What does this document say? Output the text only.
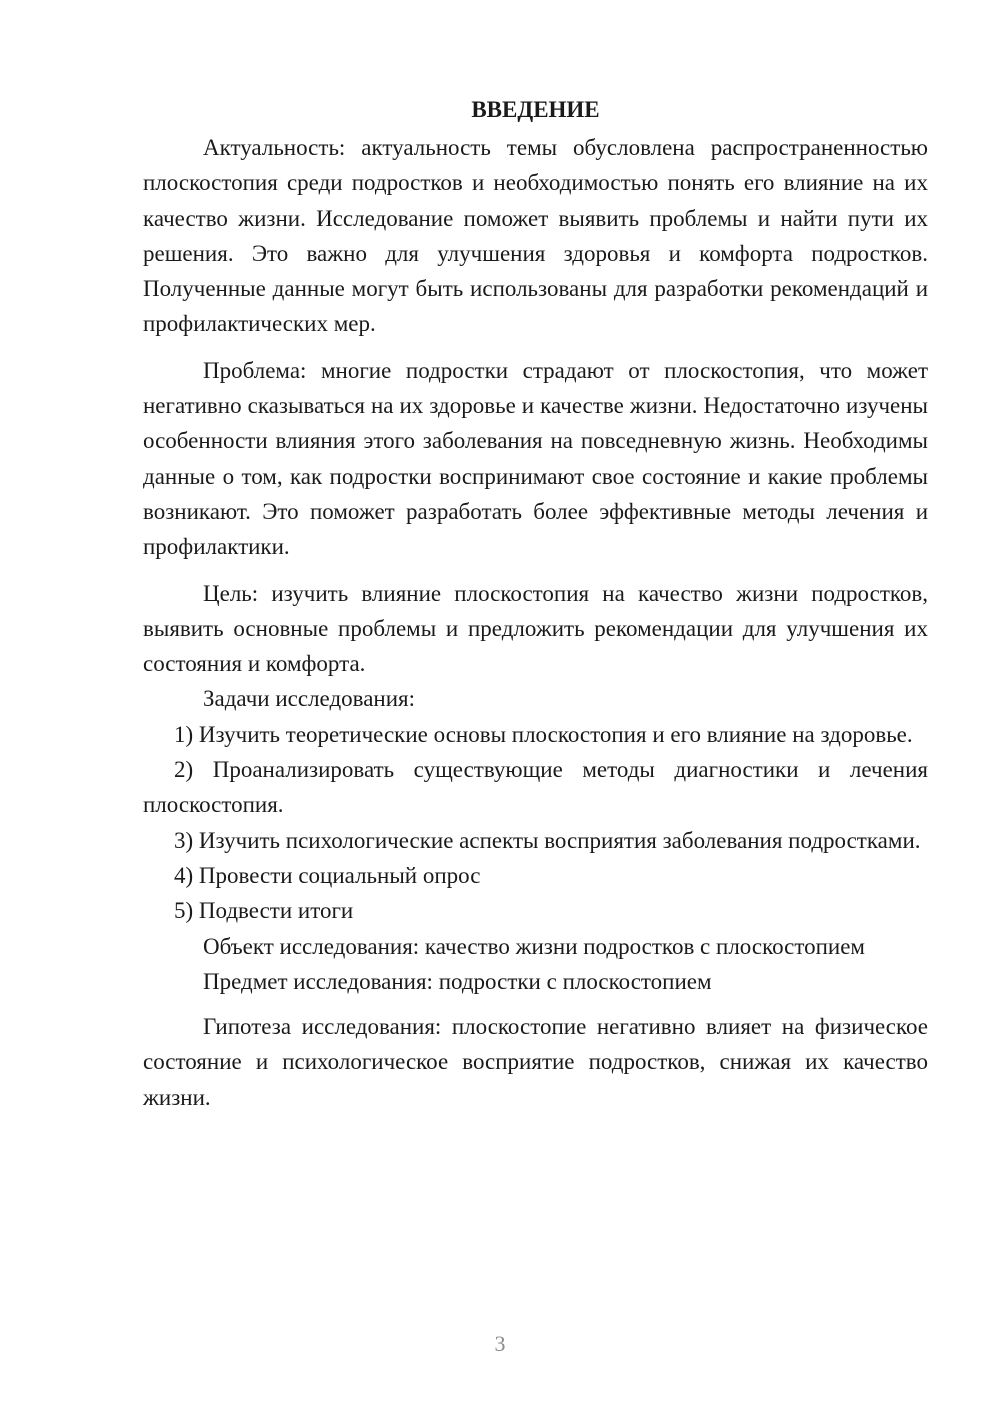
ВВЕДЕНИЕ

Актуальность: актуальность темы обусловлена распространенностью плоскостопия среди подростков и необходимостью понять его влияние на их качество жизни. Исследование поможет выявить проблемы и найти пути их решения. Это важно для улучшения здоровья и комфорта подростков. Полученные данные могут быть использованы для разработки рекомендаций и профилактических мер.

Проблема: многие подростки страдают от плоскостопия, что может негативно сказываться на их здоровье и качестве жизни. Недостаточно изучены особенности влияния этого заболевания на повседневную жизнь. Необходимы данные о том, как подростки воспринимают свое состояние и какие проблемы возникают. Это поможет разработать более эффективные методы лечения и профилактики.

Цель: изучить влияние плоскостопия на качество жизни подростков, выявить основные проблемы и предложить рекомендации для улучшения их состояния и комфорта.

Задачи исследования:

1) Изучить теоретические основы плоскостопия и его влияние на здоровье.

2) Проанализировать существующие методы диагностики и лечения плоскостопия.

3) Изучить психологические аспекты восприятия заболевания подростками.

4) Провести социальный опрос

5) Подвести итоги

Объект исследования: качество жизни подростков с плоскостопием

Предмет исследования: подростки с плоскостопием

Гипотеза исследования: плоскостопие негативно влияет на физическое состояние и психологическое восприятие подростков, снижая их качество жизни.

3
